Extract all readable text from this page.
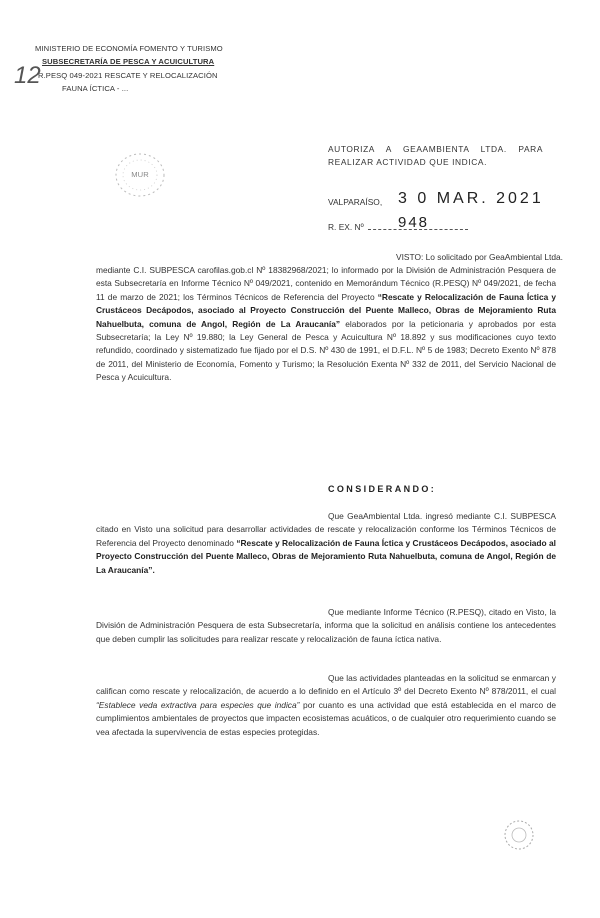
MINISTERIO DE ECONOMÍA FOMENTO Y TURISMO
SUBSECRETARÍA DE PESCA Y ACUICULTURA
R.PESQ 049-2021 RESCATE Y RELOCALIZACIÓN
FAUNA ÍCTICA - ...
12
MUR
AUTORIZA A GEAAMBIENTA LTDA. PARA
REALIZAR ACTIVIDAD QUE INDICA.
VALPARAÍSO, 3 0 MAR. 2021
R. EX. Nº 948
VISTO: Lo solicitado por GeaAmbiental Ltda.
mediante C.I. SUBPESCA carofilas.gob.cl Nº 18382968/2021; lo informado por la División de Administración Pesquera de esta Subsecretaría en Informe Técnico Nº 049/2021, contenido en Memorándum Técnico (R.PESQ) Nº 049/2021, de fecha 11 de marzo de 2021; los Términos Técnicos de Referencia del Proyecto “Rescate y Relocalización de Fauna Íctica y Crustáceos Decápodos, asociado al Proyecto Construcción del Puente Malleco, Obras de Mejoramiento Ruta Nahuelbuta, comuna de Angol, Región de La Araucanía” elaborados por la peticionaria y aprobados por esta Subsecretaría; la Ley Nº 19.880; la Ley General de Pesca y Acuicultura Nº 18.892 y sus modificaciones cuyo texto refundido, coordinado y sistematizado fue fijado por el D.S. Nº 430 de 1991, el D.F.L. Nº 5 de 1983; Decreto Exento Nº 878 de 2011, del Ministerio de Economía, Fomento y Turismo; la Resolución Exenta Nº 332 de 2011, del Servicio Nacional de Pesca y Acuicultura.
CONSIDERANDO:
Que GeaAmbiental Ltda. ingresó mediante C.I. SUBPESCA citado en Visto una solicitud para desarrollar actividades de rescate y relocalización conforme los Términos Técnicos de Referencia del Proyecto denominado “Rescate y Relocalización de Fauna Íctica y Crustáceos Decápodos, asociado al Proyecto Construcción del Puente Malleco, Obras de Mejoramiento Ruta Nahuelbuta, comuna de Angol, Región de La Araucanía”.
Que mediante Informe Técnico (R.PESQ), citado en Visto, la División de Administración Pesquera de esta Subsecretaría, informa que la solicitud en análisis contiene los antecedentes que deben cumplir las solicitudes para realizar rescate y relocalización de fauna íctica nativa.
Que las actividades planteadas en la solicitud se enmarcan y califican como rescate y relocalización, de acuerdo a lo definido en el Artículo 3º del Decreto Exento Nº 878/2011, el cual “Establece veda extractiva para especies que indica” por cuanto es una actividad que está establecida en el marco de cumplimientos ambientales de proyectos que impacten ecosistemas acuáticos, o de cualquier otro requerimiento cuando se vea afectada la supervivencia de estas especies protegidas.
